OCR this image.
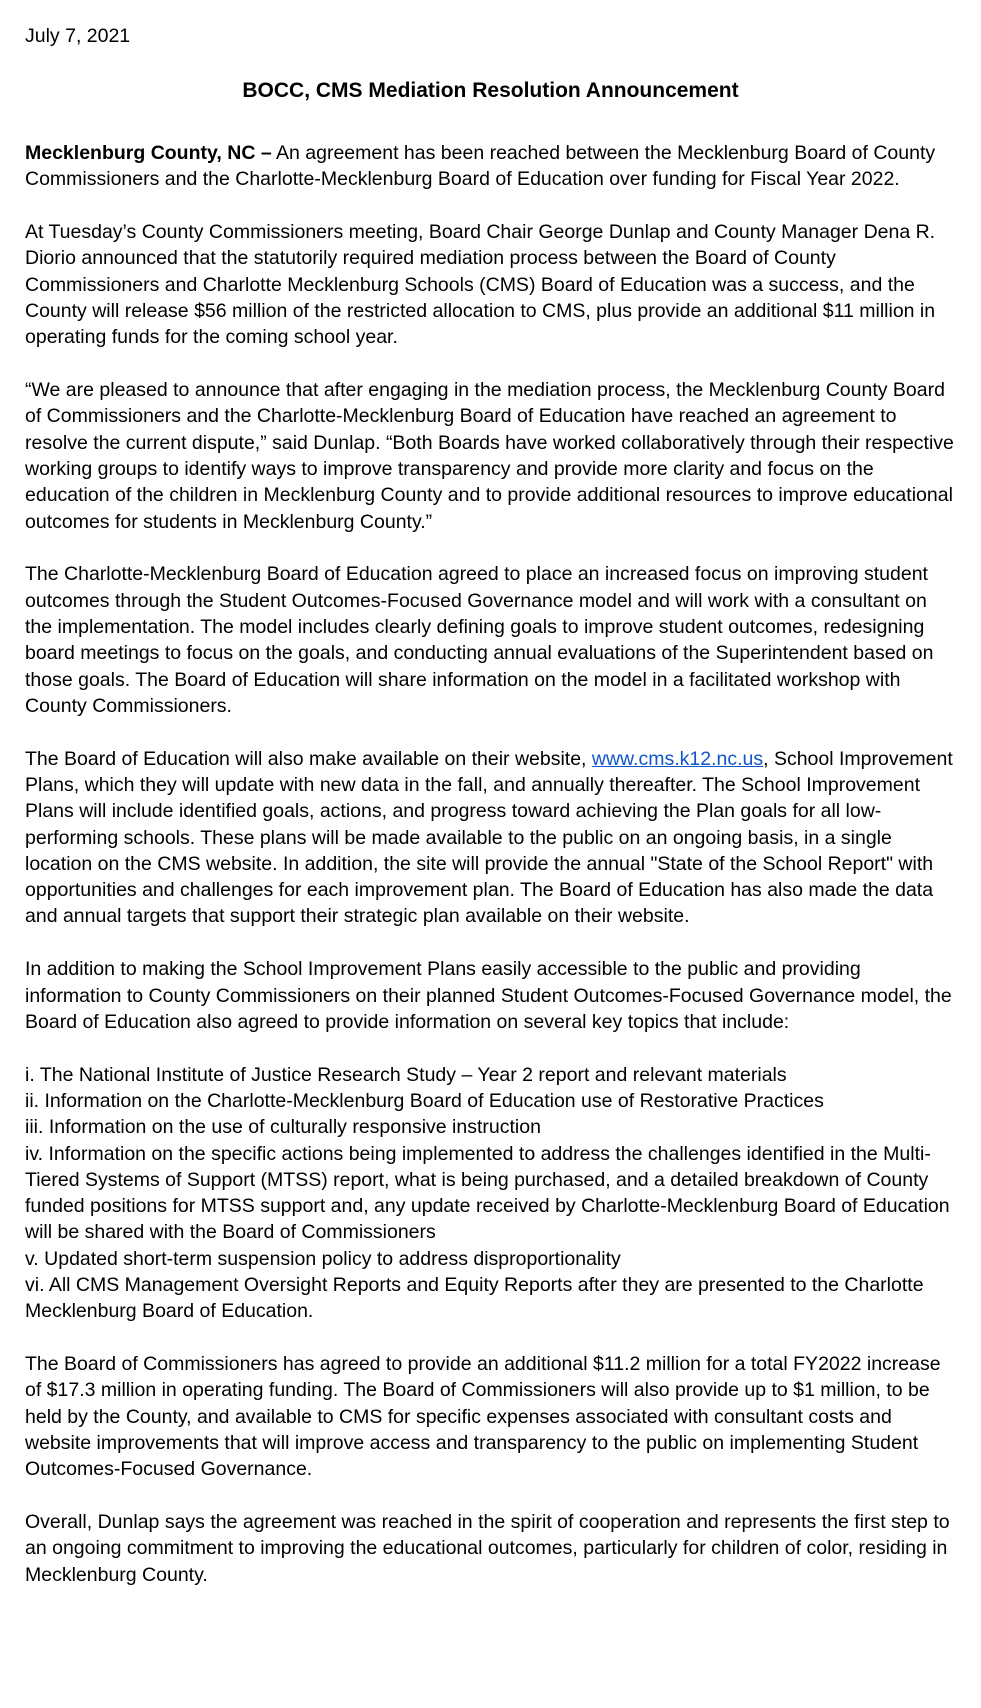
July 7, 2021

BOCC, CMS Mediation Resolution Announcement

Mecklenburg County, NC – An agreement has been reached between the Mecklenburg Board of County Commissioners and the Charlotte-Mecklenburg Board of Education over funding for Fiscal Year 2022.

At Tuesday’s County Commissioners meeting, Board Chair George Dunlap and County Manager Dena R. Diorio announced that the statutorily required mediation process between the Board of County Commissioners and Charlotte Mecklenburg Schools (CMS) Board of Education was a success, and the County will release $56 million of the restricted allocation to CMS, plus provide an additional $11 million in operating funds for the coming school year.

“We are pleased to announce that after engaging in the mediation process, the Mecklenburg County Board of Commissioners and the Charlotte-Mecklenburg Board of Education have reached an agreement to resolve the current dispute,” said Dunlap. “Both Boards have worked collaboratively through their respective working groups to identify ways to improve transparency and provide more clarity and focus on the education of the children in Mecklenburg County and to provide additional resources to improve educational outcomes for students in Mecklenburg County.”

The Charlotte-Mecklenburg Board of Education agreed to place an increased focus on improving student outcomes through the Student Outcomes-Focused Governance model and will work with a consultant on the implementation. The model includes clearly defining goals to improve student outcomes, redesigning board meetings to focus on the goals, and conducting annual evaluations of the Superintendent based on those goals. The Board of Education will share information on the model in a facilitated workshop with County Commissioners.

The Board of Education will also make available on their website, www.cms.k12.nc.us, School Improvement Plans, which they will update with new data in the fall, and annually thereafter. The School Improvement Plans will include identified goals, actions, and progress toward achieving the Plan goals for all low-performing schools. These plans will be made available to the public on an ongoing basis, in a single location on the CMS website. In addition, the site will provide the annual "State of the School Report" with opportunities and challenges for each improvement plan. The Board of Education has also made the data and annual targets that support their strategic plan available on their website.

In addition to making the School Improvement Plans easily accessible to the public and providing information to County Commissioners on their planned Student Outcomes-Focused Governance model, the Board of Education also agreed to provide information on several key topics that include:

i. The National Institute of Justice Research Study – Year 2 report and relevant materials
ii. Information on the Charlotte-Mecklenburg Board of Education use of Restorative Practices
iii. Information on the use of culturally responsive instruction
iv. Information on the specific actions being implemented to address the challenges identified in the Multi-Tiered Systems of Support (MTSS) report, what is being purchased, and a detailed breakdown of County funded positions for MTSS support and, any update received by Charlotte-Mecklenburg Board of Education will be shared with the Board of Commissioners
v. Updated short-term suspension policy to address disproportionality
vi. All CMS Management Oversight Reports and Equity Reports after they are presented to the Charlotte Mecklenburg Board of Education.

The Board of Commissioners has agreed to provide an additional $11.2 million for a total FY2022 increase of $17.3 million in operating funding. The Board of Commissioners will also provide up to $1 million, to be held by the County, and available to CMS for specific expenses associated with consultant costs and website improvements that will improve access and transparency to the public on implementing Student Outcomes-Focused Governance.

Overall, Dunlap says the agreement was reached in the spirit of cooperation and represents the first step to an ongoing commitment to improving the educational outcomes, particularly for children of color, residing in Mecklenburg County.
